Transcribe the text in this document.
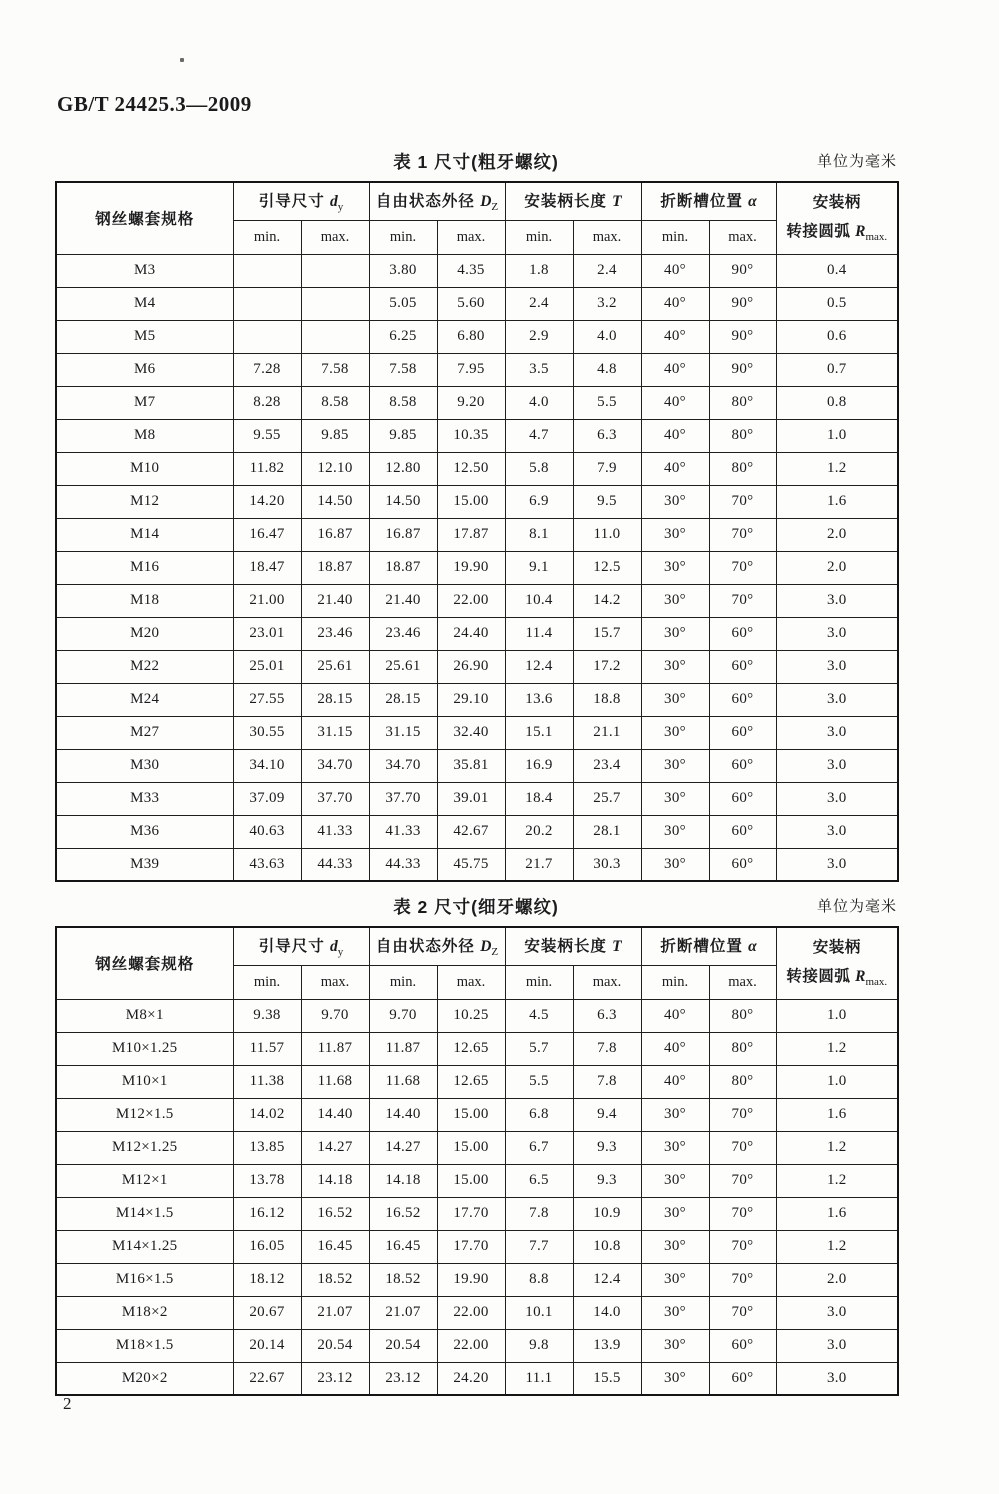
GB/T 24425.3—2009
表 1 尺寸(粗牙螺纹)	单位为毫米
钢丝螺套规格	引导尺寸 $d_y$		自由状态外径 $D_Z$		安装柄长度 T		折断槽位置 α		安装柄
转接圆弧 $R_{max.}$

	min.	max.	min.	max.	min.	max.	min.	max.	
M3			3.80	4.35	1.8	2.4	40°	90°	0.4
M4			5.05	5.60	2.4	3.2	40°	90°	0.5
M5			6.25	6.80	2.9	4.0	40°	90°	0.6
M6	7.28	7.58	7.58	7.95	3.5	4.8	40°	90°	0.7
M7	8.28	8.58	8.58	9.20	4.0	5.5	40°	80°	0.8
M8	9.55	9.85	9.85	10.35	4.7	6.3	40°	80°	1.0
M10	11.82	12.10	12.80	12.50	5.8	7.9	40°	80°	1.2
M12	14.20	14.50	14.50	15.00	6.9	9.5	30°	70°	1.6
M14	16.47	16.87	16.87	17.87	8.1	11.0	30°	70°	2.0
M16	18.47	18.87	18.87	19.90	9.1	12.5	30°	70°	2.0
M18	21.00	21.40	21.40	22.00	10.4	14.2	30°	70°	3.0
M20	23.01	23.46	23.46	24.40	11.4	15.7	30°	60°	3.0
M22	25.01	25.61	25.61	26.90	12.4	17.2	30°	60°	3.0
M24	27.55	28.15	28.15	29.10	13.6	18.8	30°	60°	3.0
M27	30.55	31.15	31.15	32.40	15.1	21.1	30°	60°	3.0
M30	34.10	34.70	34.70	35.81	16.9	23.4	30°	60°	3.0
M33	37.09	37.70	37.70	39.01	18.4	25.7	30°	60°	3.0
M36	40.63	41.33	41.33	42.67	20.2	28.1	30°	60°	3.0
M39	43.63	44.33	44.33	45.75	21.7	30.3	30°	60°	3.0
表 2 尺寸(细牙螺纹)	单位为毫米
钢丝螺套规格	引导尺寸 $d_y$		自由状态外径 $D_Z$		安装柄长度 T		折断槽位置 α		安装柄
转接圆弧 $R_{max.}$

	min.	max.	min.	max.	min.	max.	min.	max.	
M8×1	9.38	9.70	9.70	10.25	4.5	6.3	40°	80°	1.0
M10×1.25	11.57	11.87	11.87	12.65	5.7	7.8	40°	80°	1.2
M10×1	11.38	11.68	11.68	12.65	5.5	7.8	40°	80°	1.0
M12×1.5	14.02	14.40	14.40	15.00	6.8	9.4	30°	70°	1.6
M12×1.25	13.85	14.27	14.27	15.00	6.7	9.3	30°	70°	1.2
M12×1	13.78	14.18	14.18	15.00	6.5	9.3	30°	70°	1.2
M14×1.5	16.12	16.52	16.52	17.70	7.8	10.9	30°	70°	1.6
M14×1.25	16.05	16.45	16.45	17.70	7.7	10.8	30°	70°	1.2
M16×1.5	18.12	18.52	18.52	19.90	8.8	12.4	30°	70°	2.0
M18×2	20.67	21.07	21.07	22.00	10.1	14.0	30°	70°	3.0
M18×1.5	20.14	20.54	20.54	22.00	9.8	13.9	30°	60°	3.0
M20×2	22.67	23.12	23.12	24.20	11.1	15.5	30°	60°	3.0
2
